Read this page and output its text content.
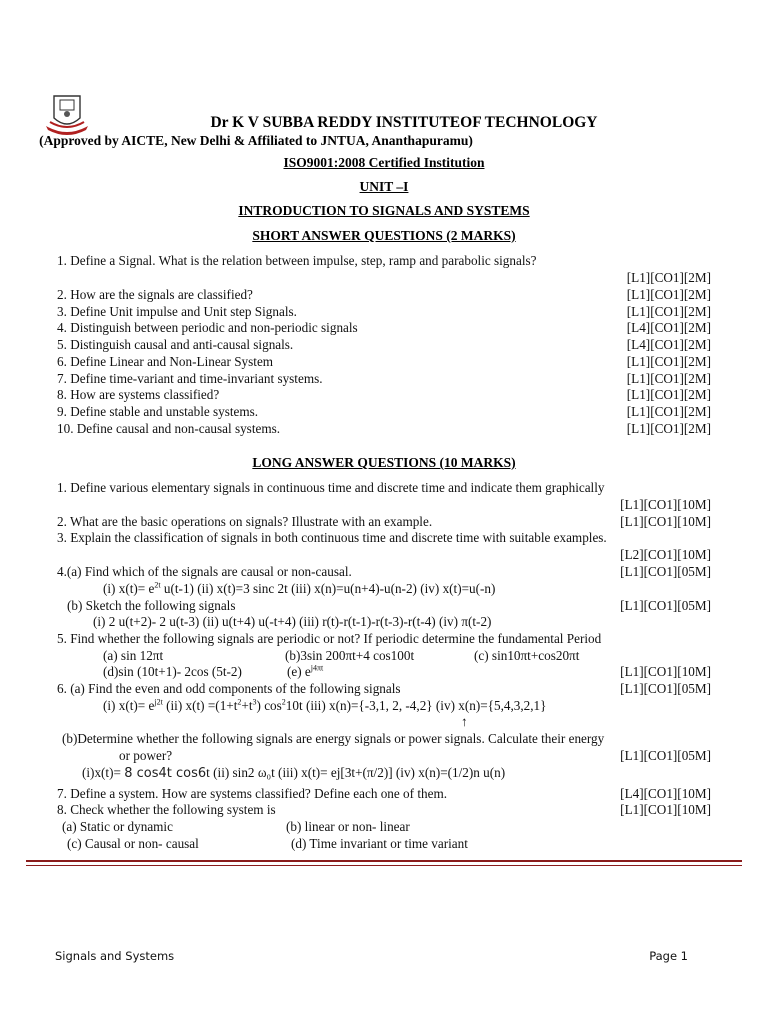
Dr K V SUBBA REDDY INSTITUTEOF TECHNOLOGY
(Approved by AICTE, New Delhi & Affiliated to JNTUA, Ananthapuramu)
ISO9001:2008 Certified Institution
UNIT –I
INTRODUCTION TO SIGNALS AND SYSTEMS
SHORT ANSWER QUESTIONS (2 MARKS)
1. Define a Signal. What is the relation between impulse, step, ramp and parabolic signals?
[L1][CO1][2M]
2. How are the signals are classified?	[L1][CO1][2M]
3. Define Unit impulse and Unit step Signals.	[L1][CO1][2M]
4. Distinguish between periodic and non-periodic signals	[L4][CO1][2M]
5. Distinguish causal and anti-causal signals.	[L4][CO1][2M]
6. Define Linear and Non-Linear System	[L1][CO1][2M]
7. Define time-variant and time-invariant systems.	[L1][CO1][2M]
8. How are systems classified?	[L1][CO1][2M]
9. Define stable and unstable systems.	[L1][CO1][2M]
10. Define causal and non-causal systems.	[L1][CO1][2M]
LONG ANSWER QUESTIONS (10 MARKS)
1. Define various elementary signals in continuous time and discrete time and indicate them graphically
[L1][CO1][10M]
2. What are the basic operations on signals? Illustrate with an example.	[L1][CO1][10M]
3. Explain the classification of signals in both continuous time and discrete time with suitable examples.
[L2][CO1][10M]
4.(a) Find which of the signals are causal or non-causal.	[L1][CO1][05M]
(i) $x(t)= e^{2t}$ u(t-1) (ii) x(t)=3 sinc 2t (iii) x(n)=u(n+4)-u(n-2) (iv) x(t)=u(-n)
(b) Sketch the following signals	[L1][CO1][05M]
(i) 2 u(t+2)- 2 u(t-3) (ii) u(t+4) u(-t+4) (iii) r(t)-r(t-1)-r(t-3)-r(t-4) (iv) π(t-2)
5. Find whether the following signals are periodic or not? If periodic determine the fundamental Period
(a) sin 12πt	(b)3sin 200πt+4 cos100t	(c) sin10πt+cos20πt
(d)sin (10t+1)- 2cos (5t-2)	(e) $e^{j4\pi t}$	[L1][CO1][10M]
6. (a) Find the even and odd components of the following signals	[L1][CO1][05M]
(i) $x(t)= e^{j2t}$ (ii) $x(t) =(1+t^2+t^3)$ $\cos^210t$ (iii) x(n)={-3,1, 2, -4,2} (iv) x(n)={5,4,3,2,1}
↑
(b)Determine whether the following signals are energy signals or power signals. Calculate their energy
or power?	[L1][CO1][05M]
(i)x(t)= 8 cos4t cos6t (ii) sin2 ω₀t (iii) x(t)= ej[3t+(π/2)] (iv) x(n)=(1/2)n u(n)
7. Define a system. How are systems classified? Define each one of them.	[L4][CO1][10M]
8. Check whether the following system is	[L1][CO1][10M]
(a) Static or dynamic	(b) linear or non- linear
(c) Causal or non- causal	(d) Time invariant or time variant
Signals and Systems	Page 1
